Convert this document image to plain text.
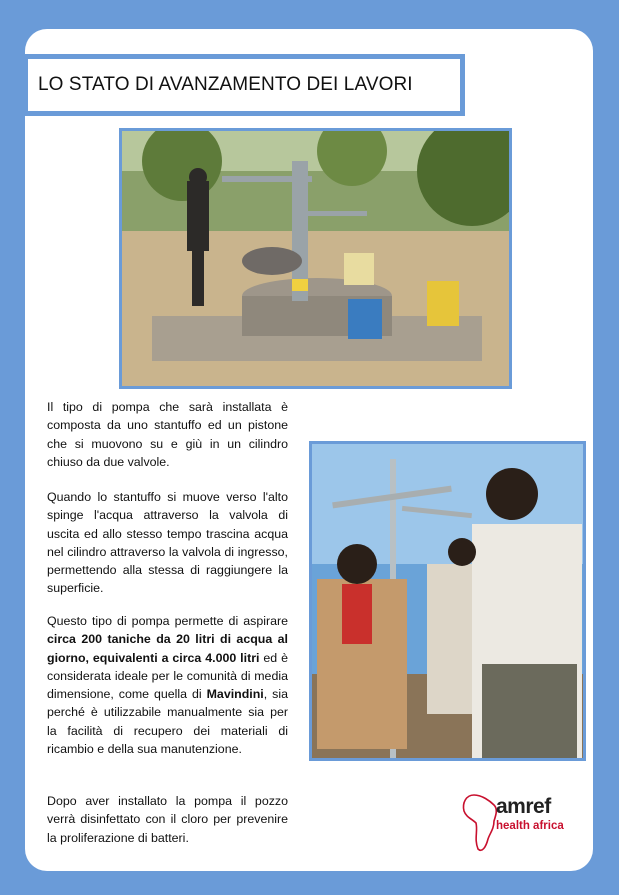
LO STATO DI AVANZAMENTO DEI LAVORI

Il tipo di pompa che sarà installata è composta da uno stantuffo ed un pistone che si muovono su e giù in un cilindro chiuso da due valvole.

Quando lo stantuffo si muove verso l'alto spinge l'acqua attraverso la valvola di uscita ed allo stesso tempo trascina acqua nel cilindro attraverso la valvola di ingresso, permettendo alla stessa di raggiungere la superficie.

Questo tipo di pompa permette di aspirare circa 200 taniche da 20 litri di acqua al giorno, equivalenti a circa 4.000 litri ed è considerata ideale per le comunità di media dimensione, come quella di Mavindini, sia perché è utilizzabile manualmente sia per la facilità di recupero dei materiali di ricambio e della sua manutenzione.

Dopo aver installato la pompa il pozzo verrà disinfettato con il cloro per prevenire la proliferazione di batteri.

amref
health africa
